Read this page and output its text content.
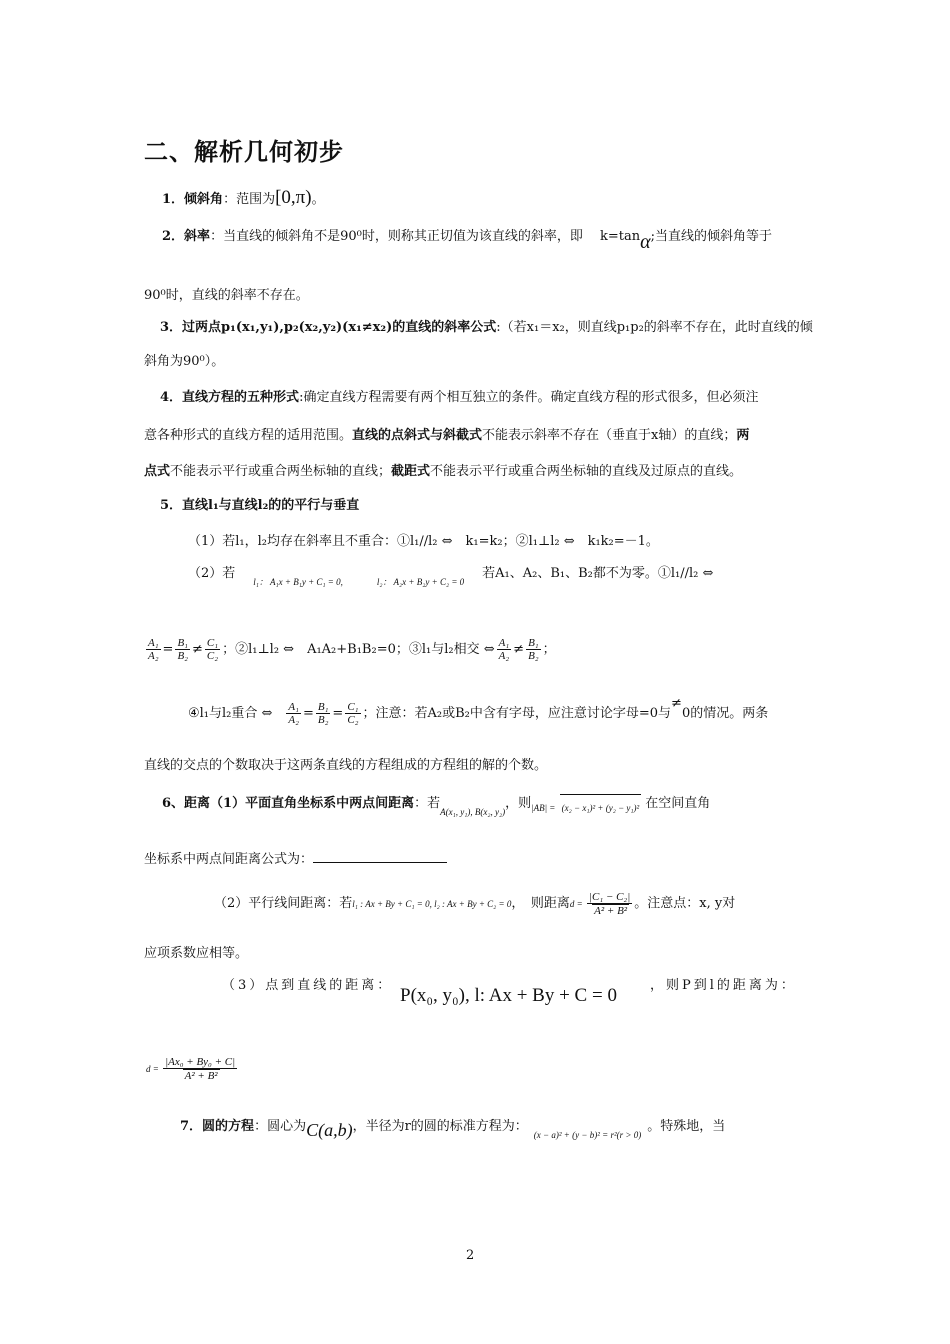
二、解析几何初步
1．倾斜角：范围为[0,π)。
2．斜率：当直线的倾斜角不是90⁰时，则称其正切值为该直线的斜率，即 　k=tanα;当直线的倾斜角等于
90⁰时，直线的斜率不存在。
3．过两点p₁(x₁,y₁),p₂(x₂,y₂)(x₁≠x₂)的直线的斜率公式:（若x₁＝x₂，则直线p₁p₂的斜率不存在，此时直线的倾
斜角为90⁰）。
4．直线方程的五种形式:确定直线方程需要有两个相互独立的条件。确定直线方程的形式很多，但必须注
意各种形式的直线方程的适用范围。直线的点斜式与斜截式不能表示斜率不存在（垂直于x轴）的直线；两
点式不能表示平行或重合两坐标轴的直线；截距式不能表示平行或重合两坐标轴的直线及过原点的直线。
5．直线l₁与直线l₂的的平行与垂直
（1）若l₁，l₂均存在斜率且不重合：①l₁//l₂ ⇔　k₁=k₂；②l₁⊥l₂ ⇔　k₁k₂=－1。
（2）若$_{l_1: A_1x + B_1y + C_1 = 0,}$	$_{l_2: A_2x + B_2y + C_2 = 0}$若A₁、A₂、B₁、B₂都不为零。①l₁//l₂ ⇔
$\frac{\text{A₁}}{\text{A₂}} = \frac{\text{B₁}}{\text{B₂}} \ne \frac{\text{C₁}}{\text{C₂}}$ ；②l₁⊥l₂ ⇔　A₁A₂+B₁B₂=0；③l₁与l₂相交 ⇔ $\frac{\text{A₁}}{\text{A₂}} \ne \frac{\text{B₁}}{\text{B₂}}$ ；
④l₁与l₂重合 ⇔ $\frac{\text{A₁}}{\text{A₂}} = \frac{\text{B₁}}{\text{B₂}} = \frac{\text{C₁}}{\text{C₂}}$ ；注意：若A₂或B₂中含有字母，应注意讨论字母=0与≠0的情况。两条
直线的交点的个数取决于这两条直线的方程组成的方程组的解的个数。
6、距离（1）平面直角坐标系中两点间距离：若$_{A(x_1, y_1), B(x_2, y_2)}$，则$_{|AB| =}$ (x₂ − x₁)² + (y₂ − y₁)² 在空间直角
坐标系中两点间距离公式为：
（2）平行线间距离：若l₁ : Ax + By + C₁ = 0, l₂ : Ax + By + C₂ = 0，　则距离$d = \frac{\text{|C₁ − C₂|}}{\text{A² + B²}}$ 。注意点：x, y对
应项系数应相等。
（3）点到直线的距离： P(x₀, y₀), l: Ax + By + C = 0	，则P到l的距离为：
$d = \frac{\text{|Ax₀ + By₀ + C|}}{\text{A² + B²}}$
7．圆的方程：圆心为C(a,b)，半径为r的圆的标准方程为：$_{(x - a)^2 + (y - b)^2 = r^2(r > 0)}$。特殊地，当
2
